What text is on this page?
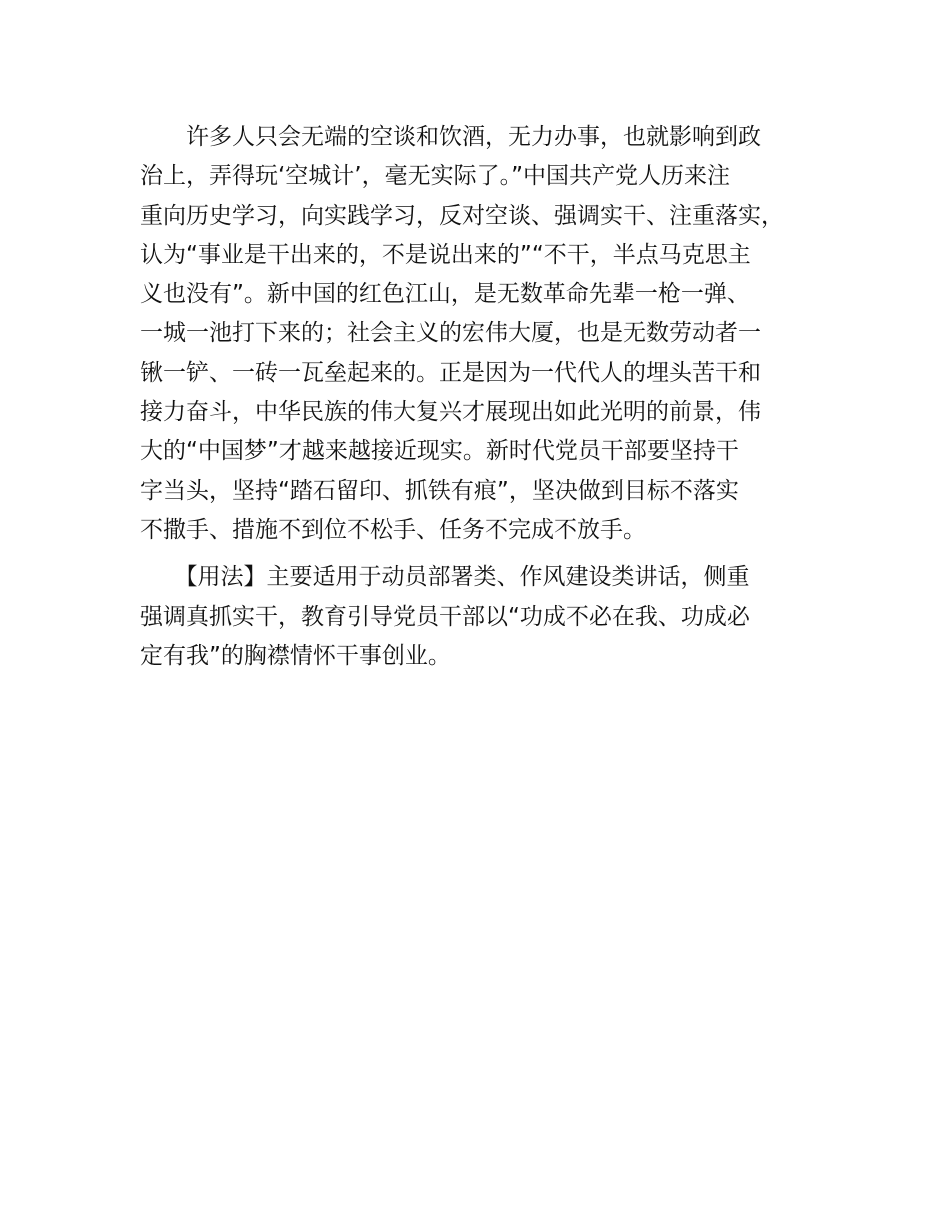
　　许多人只会无端的空谈和饮酒，无力办事，也就影响到政
治上，弄得玩‘空城计’，毫无实际了。”中国共产党人历来注
重向历史学习，向实践学习，反对空谈、强调实干、注重落实，
认为“事业是干出来的，不是说出来的”“不干，半点马克思主
义也没有”。新中国的红色江山，是无数革命先辈一枪一弹、
一城一池打下来的；社会主义的宏伟大厦，也是无数劳动者一
锹一铲、一砖一瓦垒起来的。正是因为一代代人的埋头苦干和
接力奋斗，中华民族的伟大复兴才展现出如此光明的前景，伟
大的“中国梦”才越来越接近现实。新时代党员干部要坚持干
字当头，坚持“踏石留印、抓铁有痕”，坚决做到目标不落实
不撒手、措施不到位不松手、任务不完成不放手。

　　【用法】主要适用于动员部署类、作风建设类讲话，侧重
强调真抓实干，教育引导党员干部以“功成不必在我、功成必
定有我”的胸襟情怀干事创业。
